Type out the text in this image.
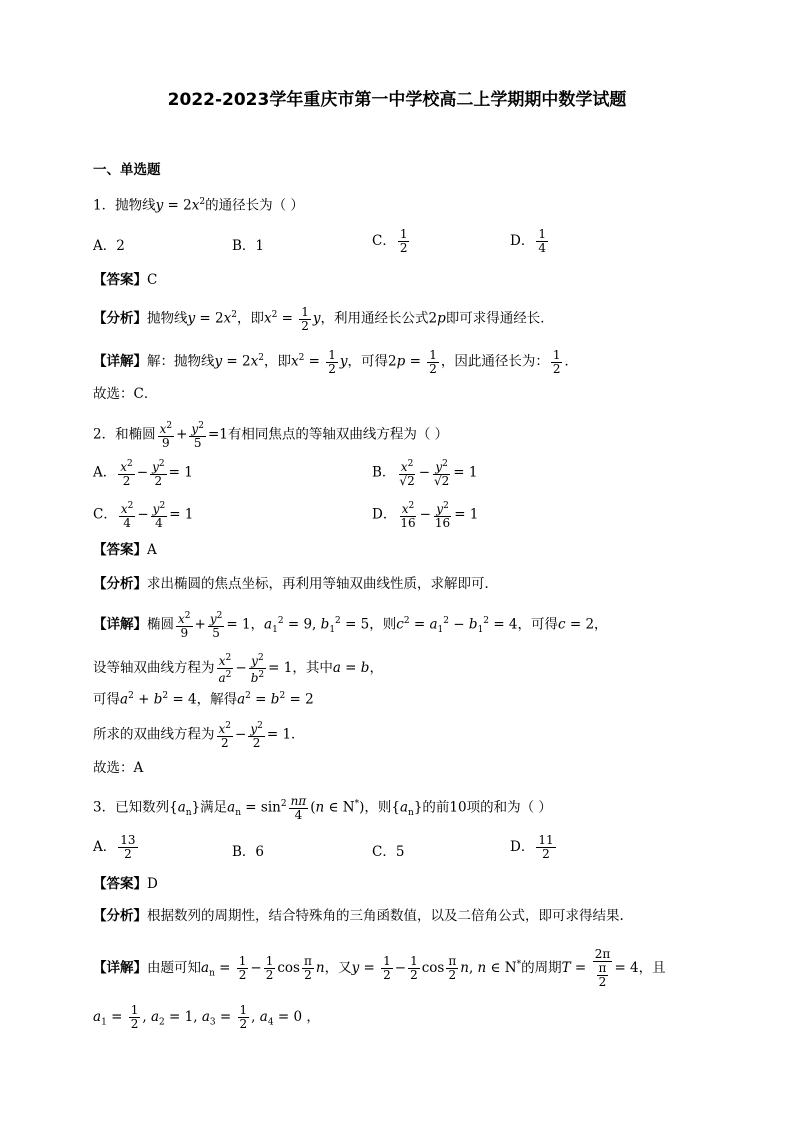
2022-2023学年重庆市第一中学校高二上学期期中数学试题
一、单选题
1．抛物线$y = 2x^2$的通径长为（ ）
A．2	B．1	C． $\frac{1}{2}$	D． $\frac{1}{4}$
【答案】C
【分析】抛物线$y = 2x^2$，即$x^2 = \frac{1}{2}$ y，利用通经长公式2p即可求得通经长．
【详解】解：抛物线$y = 2x^2$，即$x^2 = \frac{1}{2}$ y，可得$2p = \frac{1}{2}$ ，因此通径长为： $\frac{1}{2}$ ．
故选：C．
2．和椭圆 $\frac{x^2}{9} + \frac{y^2}{5} =1$有相同焦点的等轴双曲线方程为（ ）
A． $\frac{x^2}{2} - \frac{y^2}{2} = 1$	B． $\frac{x^2}{√2} - \frac{y^2}{√2} = 1$
C． $\frac{x^2}{4} - \frac{y^2}{4} = 1$	D． $\frac{x^2}{16} - \frac{y^2}{16} = 1$
【答案】A
【分析】求出椭圆的焦点坐标，再利用等轴双曲线性质，求解即可．
【详解】椭圆 $\frac{x^2}{9} + \frac{y^2}{5} = 1$，$a_1^2 = 9$, $b_1^2 = 5$，则$c^2 = a_1^2 - b_1^2 = 4$，可得c = 2，
设等轴双曲线方程为 $\frac{x^2}{a^2} - \frac{y^2}{b^2} = 1$，其中a = b，
可得$a^2 + b^2 = 4$，解得$a^2 = b^2 = 2$
所求的双曲线方程为 $\frac{x^2}{2} - \frac{y^2}{2} = 1$．
故选：A
3．已知数列$\{a_n\}$满足$a_n = \sin^2 \frac{n\pi}{4} (n$ ∈ N*)，则$\{a_n\}$的前10项的和为（ ）
A． $\frac{13}{2}$	B．6	C．5	D． $\frac{11}{2}$
【答案】D
【分析】根据数列的周期性，结合特殊角的三角函数值，以及二倍角公式，即可求得结果.
【详解】由题可知$a_n = \frac{1}{2} - \frac{1}{2}$ $\cos \frac{\pi}{2}$ n，又$y = \frac{1}{2} - \frac{1}{2}$ $\cos \frac{\pi}{2} n$, n ∈ N*的周期$T = \frac{2\pi}{\frac{\pi}{2}} = 4$，且
$a_1 = \frac{1}{2}$ , $a_2 = 1$, $a_3 = \frac{1}{2}$ , $a_4 = 0$ ，
